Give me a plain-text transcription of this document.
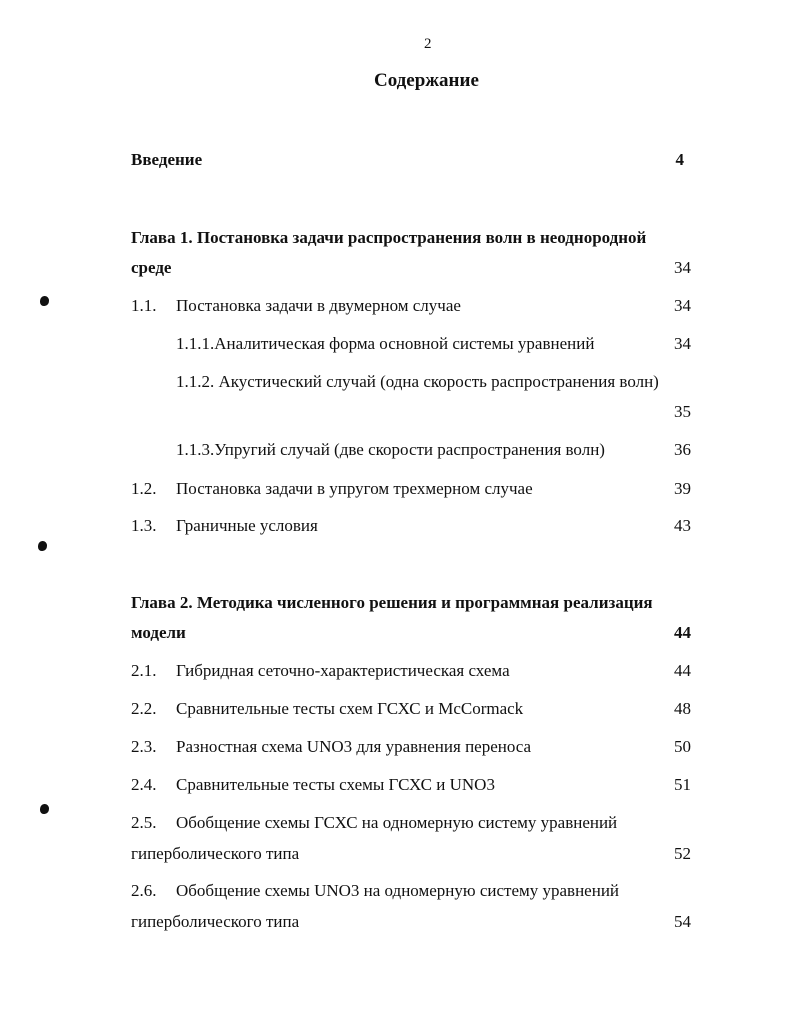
2
Содержание
Введение	4
Глава 1. Постановка задачи распространения волн в неоднородной
среде	34
1.1. Постановка задачи в двумерном случае	34
1.1.1.Аналитическая форма основной системы уравнений	34
1.1.2. Акустический случай (одна скорость распространения волн)
35
1.1.3.Упругий случай (две скорости распространения волн)	36
1.2. Постановка задачи в упругом трехмерном случае	39
1.3. Граничные условия	43
Глава 2. Методика численного решения и программная реализация
модели	44
2.1. Гибридная сеточно-характеристическая схема	44
2.2. Сравнительные тесты схем ГСХС и McCormack	48
2.3. Разностная схема UNO3 для уравнения переноса	50
2.4. Сравнительные тесты схемы ГСХС и UNO3	51
2.5. Обобщение схемы ГСХС на одномерную систему уравнений
гиперболического типа	52
2.6. Обобщение схемы UNO3 на одномерную систему уравнений
гиперболического типа	54
